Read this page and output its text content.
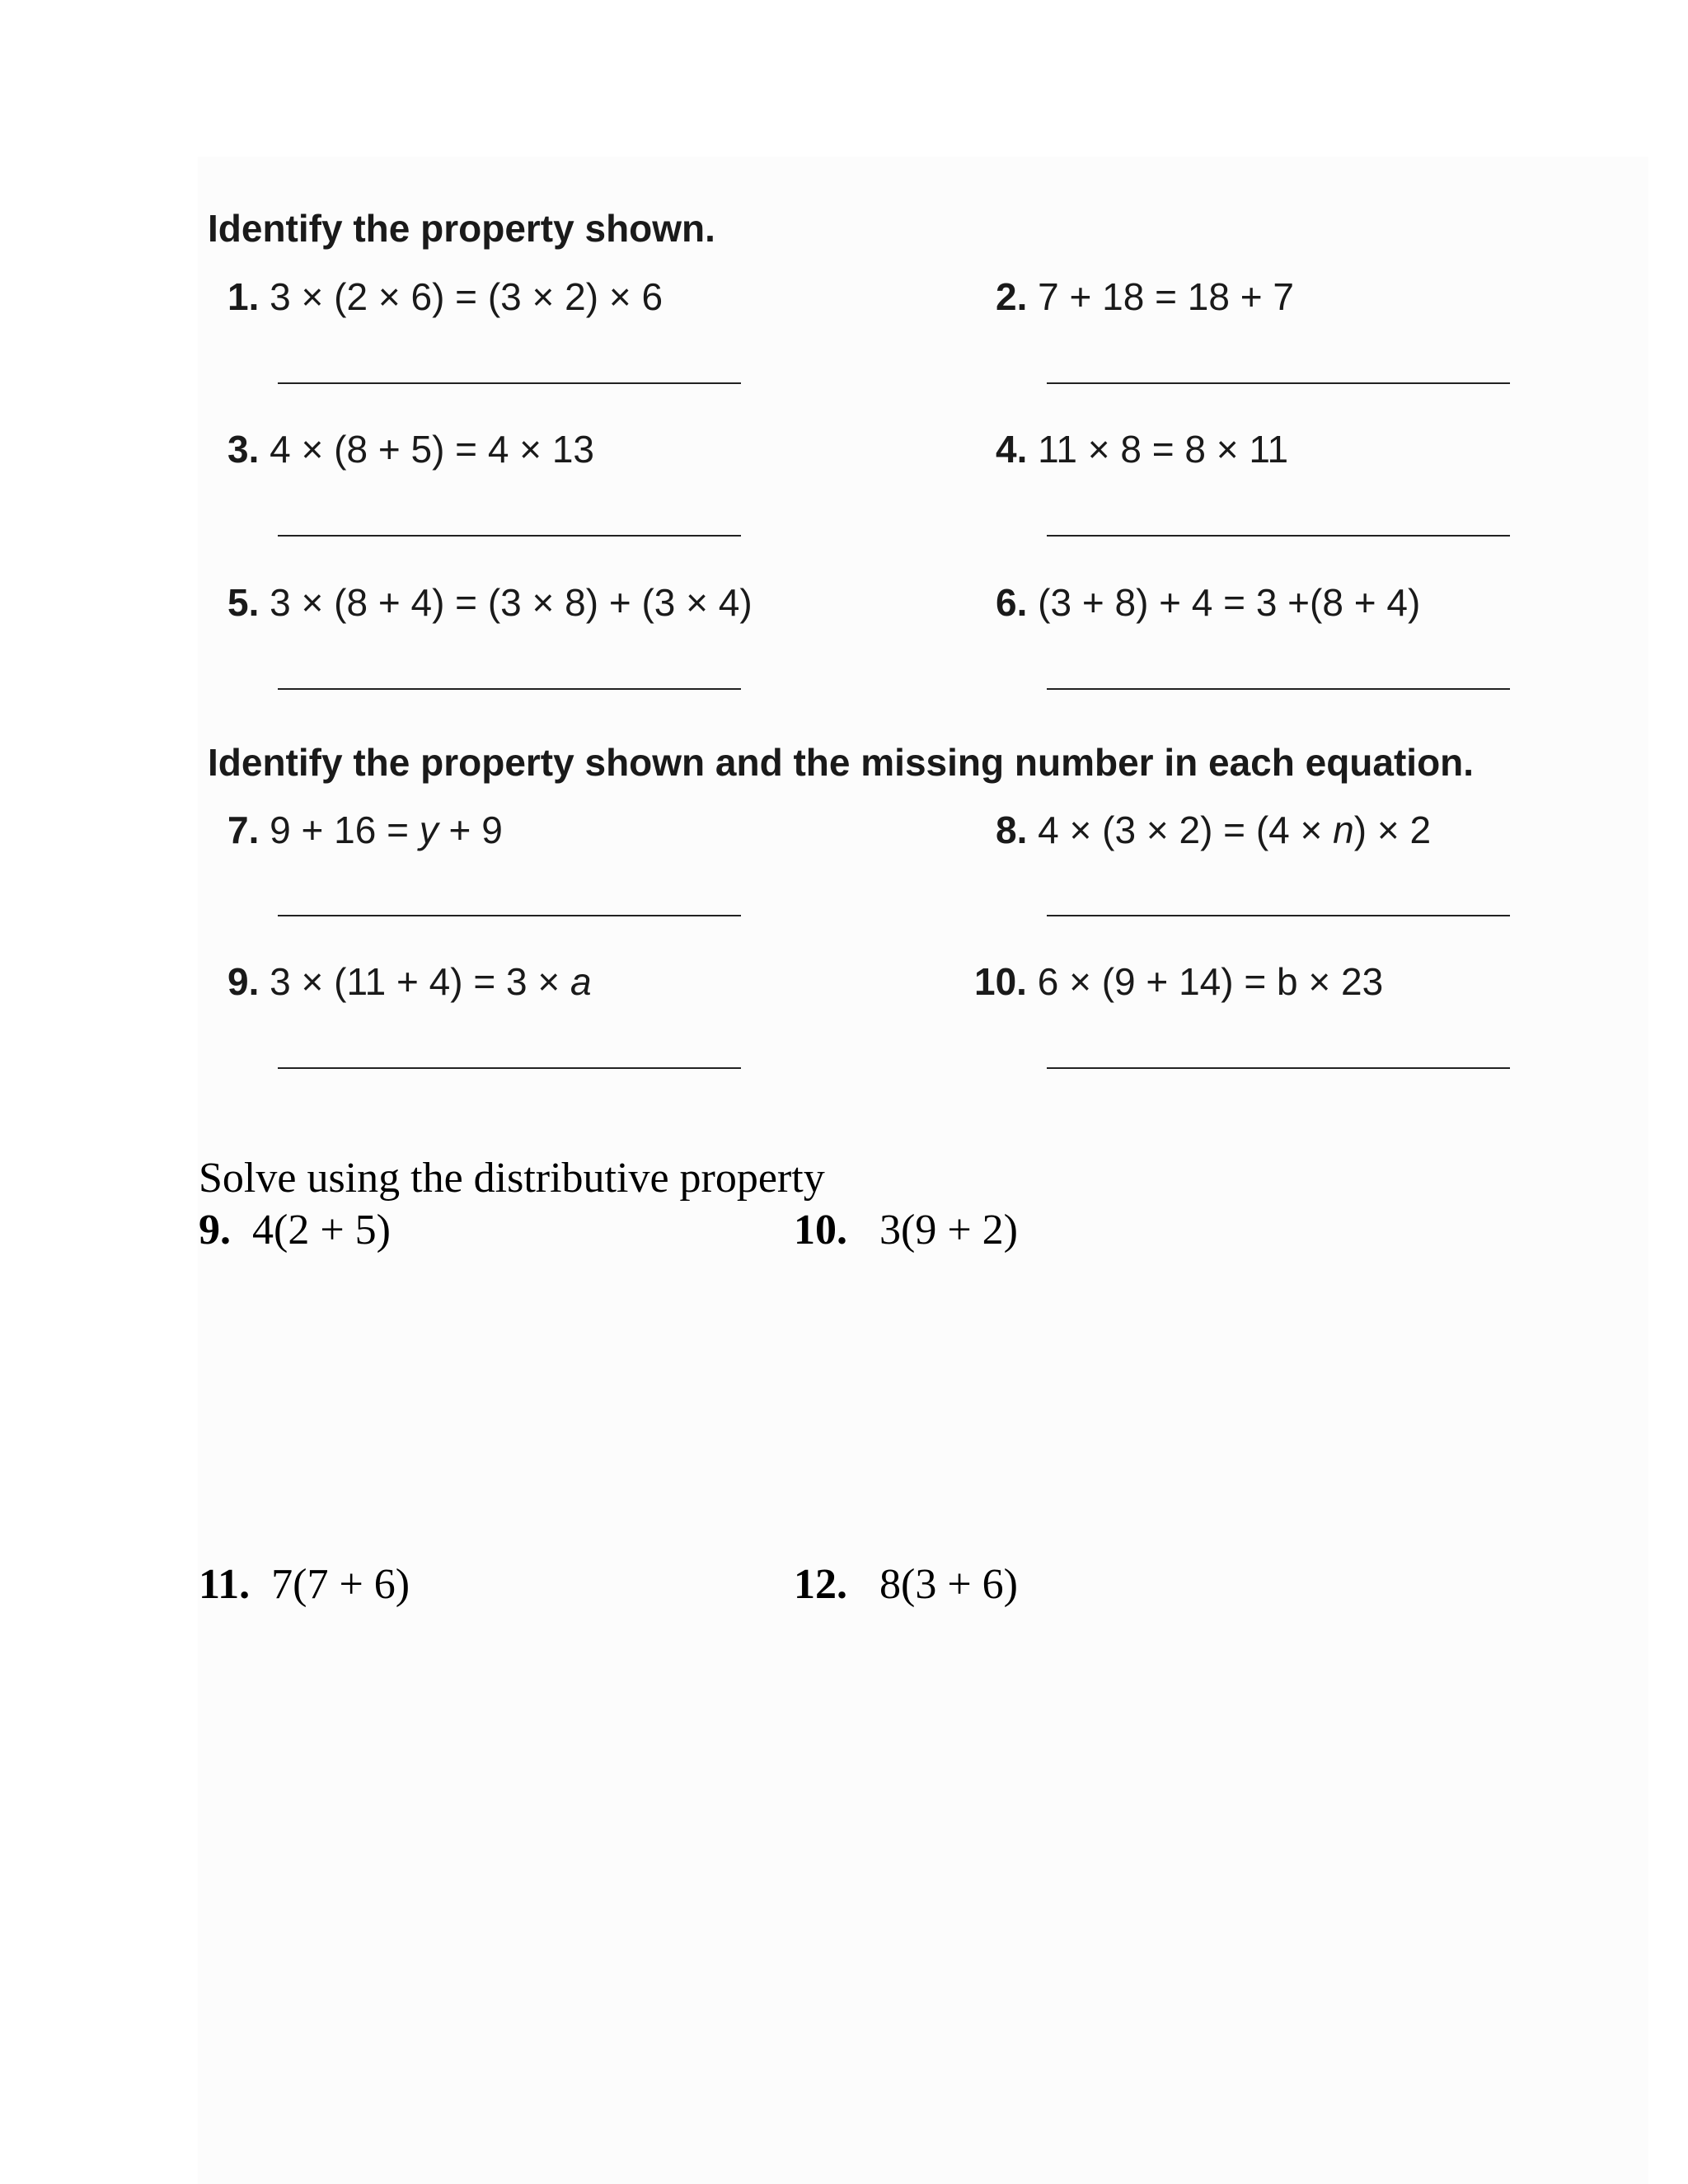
Identify the property shown.
1. 3 × (2 × 6) = (3 × 2) × 6	2. 7 + 18 = 18 + 7
3. 4 × (8 + 5) = 4 × 13	4. 11 × 8 = 8 × 11
5. 3 × (8 + 4) = (3 × 8) + (3 × 4)	6. (3 + 8) + 4 = 3 +(8 + 4)
Identify the property shown and the missing number in each equation.
7. 9 + 16 = y + 9	8. 4 × (3 × 2) = (4 × n) × 2
9. 3 × (11 + 4) = 3 × a	10. 6 × (9 + 14) = b × 23
Solve using the distributive property
9. 4(2 + 5)	10. 3(9 + 2)
11. 7(7 + 6)	12. 8(3 + 6)
